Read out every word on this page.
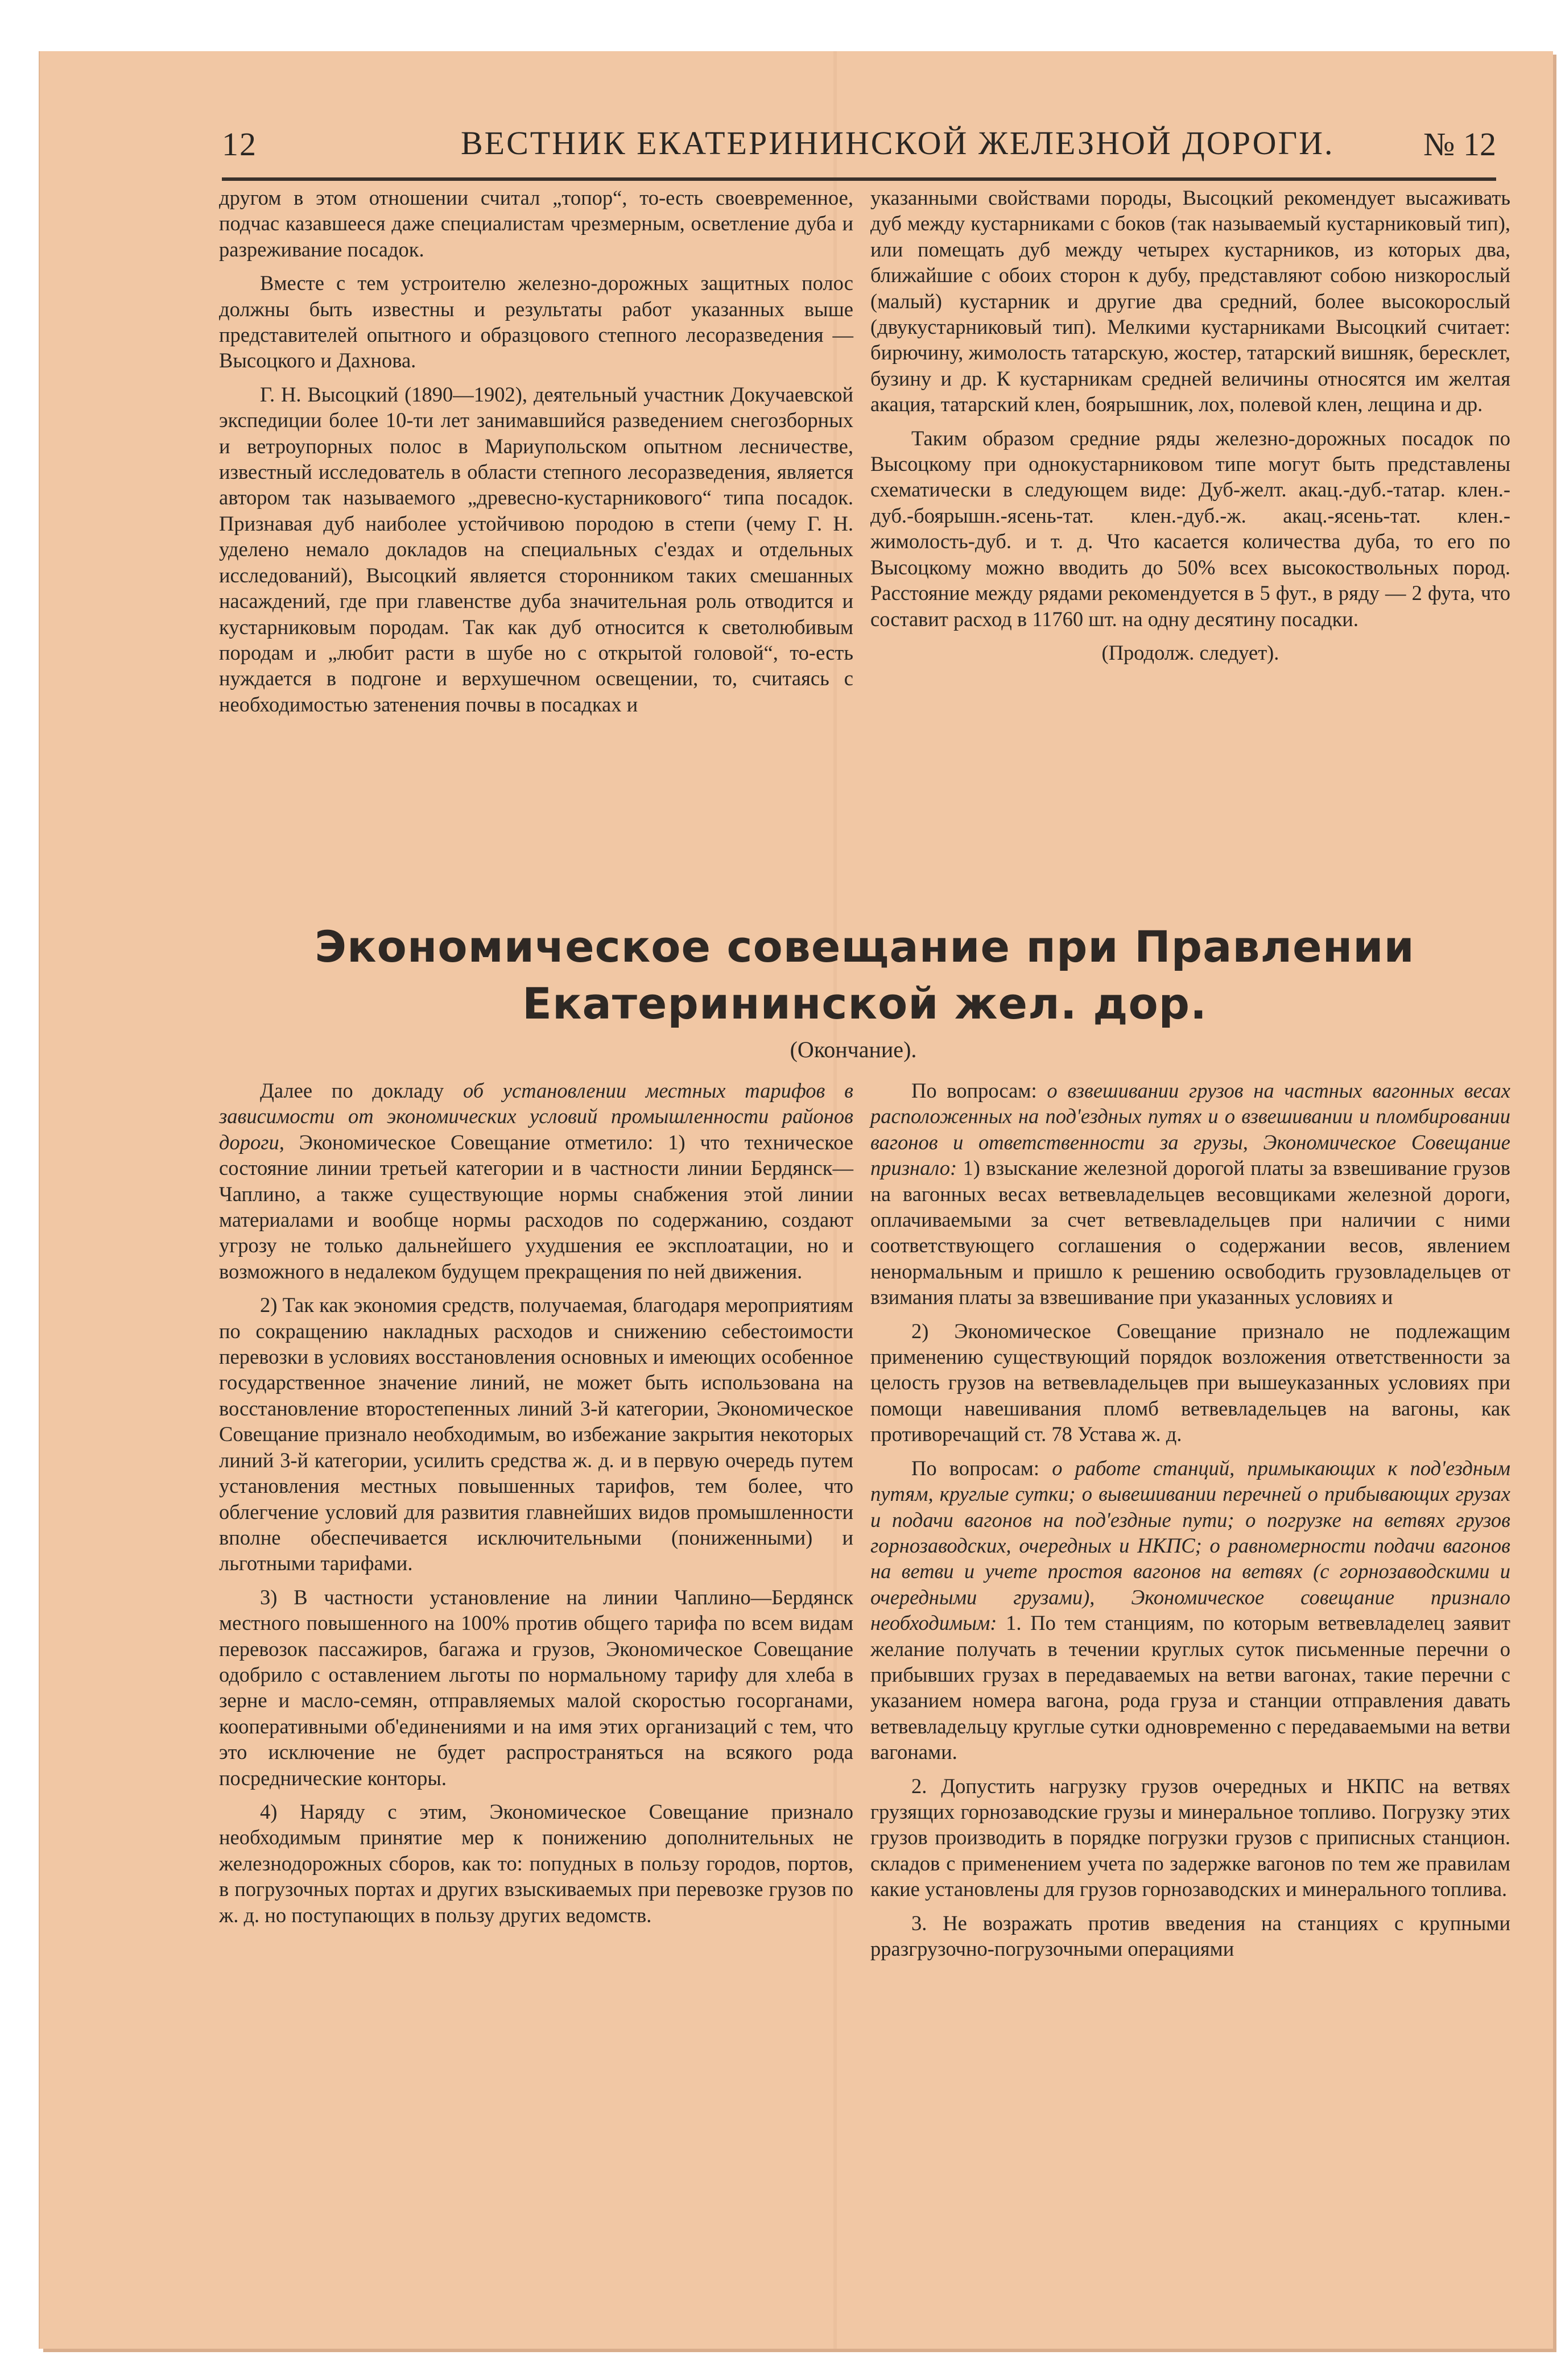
12	ВЕСТНИК ЕКАТЕРИНИНСКОЙ ЖЕЛЕЗНОЙ ДОРОГИ.	№ 12

другом в этом отношении считал „топор“, то-есть своевременное, подчас казавшееся даже специалистам чрезмерным, осветление дуба и разреживание посадок.

Вместе с тем устроителю железно-дорожных защитных полос должны быть известны и результаты работ указанных выше представителей опытного и образцового степного лесоразведения — Высоцкого и Дахнова.

Г. Н. Высоцкий (1890—1902), деятельный участник Докучаевской экспедиции более 10-ти лет занимавшийся разведением снегозборных и ветроупорных полос в Мариупольском опытном лесничестве, известный исследователь в области степного лесоразведения, является автором так называемого „древесно-кустарникового“ типа посадок. Признавая дуб наиболее устойчивою породою в степи (чему Г. Н. уделено немало докладов на специальных с'ездах и отдельных исследований), Высоцкий является сторонником таких смешанных насаждений, где при главенстве дуба значительная роль отводится и кустарниковым породам. Так как дуб относится к светолюбивым породам и „любит расти в шубе но с открытой головой“, то-есть нуждается в подгоне и верхушечном освещении, то, считаясь с необходимостью затенения почвы в посадках и

указанными свойствами породы, Высоцкий рекомендует высаживать дуб между кустарниками с боков (так называемый кустарниковый тип), или помещать дуб между четырех кустарников, из которых два, ближайшие с обоих сторон к дубу, представляют собою низкорослый (малый) кустарник и другие два средний, более высокорослый (двукустарниковый тип). Мелкими кустарниками Высоцкий считает: бирючину, жимолость татарскую, жостер, татарский вишняк, бересклет, бузину и др. К кустарникам средней величины относятся им желтая акация, татарский клен, боярышник, лох, полевой клен, лещина и др.

Таким образом средние ряды железно-дорожных посадок по Высоцкому при однокустарниковом типе могут быть представлены схематически в следующем виде: Дуб-желт. акац.-дуб.-татар. клен.-дуб.-боярышн.-ясень-тат. клен.-дуб.-ж. акац.-ясень-тат. клен.-жимолость-дуб. и т. д. Что касается количества дуба, то его по Высоцкому можно вводить до 50% всех высокоствольных пород. Расстояние между рядами рекомендуется в 5 фут., в ряду — 2 фута, что составит расход в 11760 шт. на одну десятину посадки.

(Продолж. следует).

Экономическое совещание при Правлении
Екатерининской жел. дор.
(Окончание).

Далее по докладу об установлении местных тарифов в зависимости от экономических условий промышленности районов дороги, Экономическое Совещание отметило: 1) что техническое состояние линии третьей категории и в частности линии Бердянск—Чаплино, а также существующие нормы снабжения этой линии материалами и вообще нормы расходов по содержанию, создают угрозу не только дальнейшего ухудшения ее эксплоатации, но и возможного в недалеком будущем прекращения по ней движения.

2) Так как экономия средств, получаемая, благодаря мероприятиям по сокращению накладных расходов и снижению себестоимости перевозки в условиях восстановления основных и имеющих особенное государственное значение линий, не может быть использована на восстановление второстепенных линий 3-й категории, Экономическое Совещание признало необходимым, во избежание закрытия некоторых линий 3-й категории, усилить средства ж. д. и в первую очередь путем установления местных повышенных тарифов, тем более, что облегчение условий для развития главнейших видов промышленности вполне обеспечивается исключительными (пониженными) и льготными тарифами.

3) В частности установление на линии Чаплино—Бердянск местного повышенного на 100% против общего тарифа по всем видам перевозок пассажиров, багажа и грузов, Экономическое Совещание одобрило с оставлением льготы по нормальному тарифу для хлеба в зерне и масло-семян, отправляемых малой скоростью госорганами, кооперативными об'единениями и на имя этих организаций с тем, что это исключение не будет распространяться на всякого рода посреднические конторы.

4) Наряду с этим, Экономическое Совещание признало необходимым принятие мер к понижению дополнительных не железнодорожных сборов, как то: попудных в пользу городов, портов, в погрузочных портах и других взыскиваемых при перевозке грузов по ж. д. но поступающих в пользу других ведомств.

По вопросам: о взвешивании грузов на частных вагонных весах расположенных на под'ездных путях и о взвешивании и пломбировании вагонов и ответственности за грузы, Экономическое Совещание признало: 1) взыскание железной дорогой платы за взвешивание грузов на вагонных весах ветвевладельцев весовщиками железной дороги, оплачиваемыми за счет ветвевладельцев при наличии с ними соответствующего соглашения о содержании весов, явлением ненормальным и пришло к решению освободить грузовладельцев от взимания платы за взвешивание при указанных условиях и

2) Экономическое Совещание признало не подлежащим применению существующий порядок возложения ответственности за целость грузов на ветвевладельцев при вышеуказанных условиях при помощи навешивания пломб ветвевладельцев на вагоны, как противоречащий ст. 78 Устава ж. д.

По вопросам: о работе станций, примыкающих к под'ездным путям, круглые сутки; о вывешивании перечней о прибывающих грузах и подачи вагонов на под'ездные пути; о погрузке на ветвях грузов горнозаводских, очередных и НКПС; о равномерности подачи вагонов на ветви и учете простоя вагонов на ветвях (с горнозаводскими и очередными грузами), Экономическое совещание признало необходимым: 1. По тем станциям, по которым ветвевладелец заявит желание получать в течении круглых суток письменные перечни о прибывших грузах в передаваемых на ветви вагонах, такие перечни с указанием номера вагона, рода груза и станции отправления давать ветвевладельцу круглые сутки одновременно с передаваемыми на ветви вагонами.

2. Допустить нагрузку грузов очередных и НКПС на ветвях грузящих горнозаводские грузы и минеральное топливо. Погрузку этих грузов производить в порядке погрузки грузов с приписных станцион. складов с применением учета по задержке вагонов по тем же правилам какие установлены для грузов горнозаводских и минерального топлива.

3. Не возражать против введения на станциях с крупными рразгрузочно-погрузочными операциями
